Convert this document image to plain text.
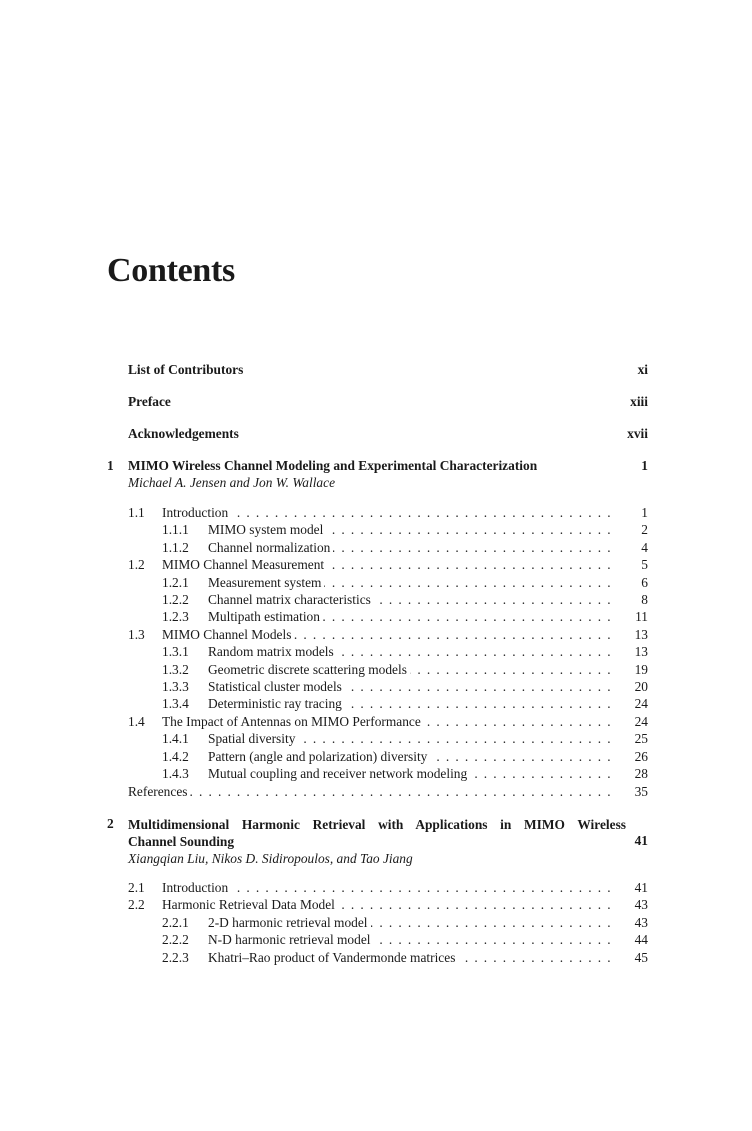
Contents
List of Contributors	xi
Preface	xiii
Acknowledgements	xvii
1 MIMO Wireless Channel Modeling and Experimental Characterization	1
Michael A. Jensen and Jon W. Wallace
1.1 Introduction . . .	1
1.1.1 MIMO system model . . .	2
1.1.2 Channel normalization . . .	4
1.2 MIMO Channel Measurement . . .	5
1.2.1 Measurement system . . .	6
1.2.2 Channel matrix characteristics . . .	8
1.2.3 Multipath estimation . . .	11
1.3 MIMO Channel Models . . .	13
1.3.1 Random matrix models . . .	13
1.3.2 Geometric discrete scattering models . . .	19
1.3.3 Statistical cluster models . . .	20
1.3.4 Deterministic ray tracing . . .	24
1.4 The Impact of Antennas on MIMO Performance . . .	24
1.4.1 Spatial diversity . . .	25
1.4.2 Pattern (angle and polarization) diversity . . .	26
1.4.3 Mutual coupling and receiver network modeling . . .	28
References . . .	35
2 Multidimensional Harmonic Retrieval with Applications in MIMO Wireless
Channel Sounding	41
Xiangqian Liu, Nikos D. Sidiropoulos, and Tao Jiang
2.1 Introduction . . .	41
2.2 Harmonic Retrieval Data Model . . .	43
2.2.1 2-D harmonic retrieval model . . .	43
2.2.2 N-D harmonic retrieval model . . .	44
2.2.3 Khatri–Rao product of Vandermonde matrices . . .	45
